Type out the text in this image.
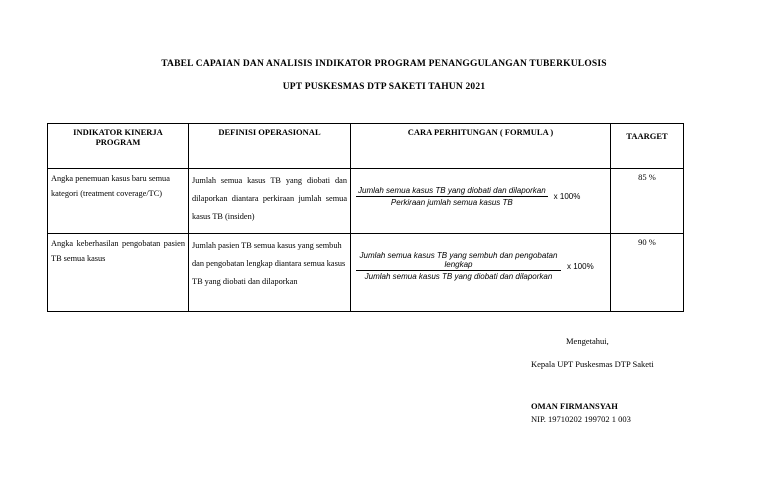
TABEL CAPAIAN DAN ANALISIS INDIKATOR PROGRAM PENANGGULANGAN TUBERKULOSIS
UPT PUSKESMAS DTP SAKETI TAHUN 2021
INDIKATOR KINERJA PROGRAM	DEFINISI OPERASIONAL	CARA PERHITUNGAN ( FORMULA )	TAARGET
Angka penemuan kasus baru semua kategori (treatment coverage/TC)	Jumlah semua kasus TB yang diobati dan dilaporkan diantara perkiraan jumlah semua kasus TB (insiden)	$\frac{\text{Jumlah semua kasus TB yang diobati dan dilaporkan}}{\text{Perkiraan jumlah semua kasus TB}}$ x 100%	85 %
Angka keberhasilan pengobatan pasien TB semua kasus	Jumlah pasien TB semua kasus yang sembuh dan pengobatan lengkap diantara semua kasus TB yang diobati dan dilaporkan	$\frac{\text{Jumlah semua kasus TB yang sembuh dan pengobatan lengkap}}{\text{Jumlah semua kasus TB yang diobati dan dilaporkan}}$ x 100%	90 %
Mengetahui,
Kepala UPT Puskesmas DTP Saketi
OMAN FIRMANSYAH
NIP. 19710202 199702 1 003
